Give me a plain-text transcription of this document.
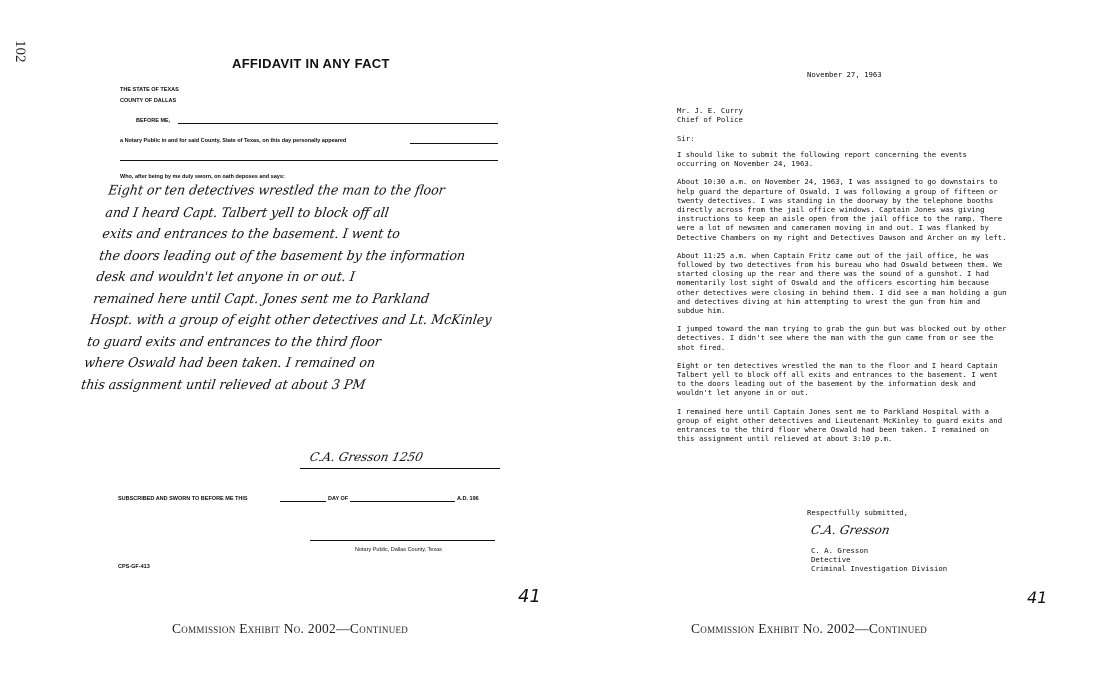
102
AFFIDAVIT IN ANY FACT
THE STATE OF TEXAS
COUNTY OF DALLAS
BEFORE ME,
a Notary Public in and for said County, State of Texas, on this day personally appeared
Who, after being by me duly sworn, on oath deposes and says:
Eight or ten detectives wrestled the man to the floor
and I heard Capt. Talbert yell to block off all
exits and entrances to the basement. I went to
the doors leading out of the basement by the information
desk and wouldn't let anyone in or out. I
remained here until Capt. Jones sent me to Parkland
Hospt. with a group of eight other detectives and Lt. McKinley
to guard exits and entrances to the third floor
where Oswald had been taken. I remained on
this assignment until relieved at about 3 PM
C.A. Gresson 1250
SUBSCRIBED AND SWORN TO BEFORE ME THIS	DAY OF	A.D. 196
Notary Public, Dallas County, Texas
CPS-GF-413
41
November 27, 1963
Mr. J. E. Curry
Chief of Police
Sir:

I should like to submit the following report concerning the events occurring on November 24, 1963.

About 10:30 a.m. on November 24, 1963, I was assigned to go downstairs to help guard the departure of Oswald. I was following a group of fifteen or twenty detectives. I was standing in the doorway by the telephone booths directly across from the jail office windows. Captain Jones was giving instructions to keep an aisle open from the jail office to the ramp. There were a lot of newsmen and cameramen moving in and out. I was flanked by Detective Chambers on my right and Detectives Dawson and Archer on my left.

About 11:25 a.m. when Captain Fritz came out of the jail office, he was followed by two detectives from his bureau who had Oswald between them. We started closing up the rear and there was the sound of a gunshot. I had momentarily lost sight of Oswald and the officers escorting him because other detectives were closing in behind them. I did see a man holding a gun and detectives diving at him attempting to wrest the gun from him and subdue him.

I jumped toward the man trying to grab the gun but was blocked out by other detectives. I didn't see where the man with the gun came from or see the shot fired.

Eight or ten detectives wrestled the man to the floor and I heard Captain Talbert yell to block off all exits and entrances to the basement. I went to the doors leading out of the basement by the information desk and wouldn't let anyone in or out.

I remained here until Captain Jones sent me to Parkland Hospital with a group of eight other detectives and Lieutenant McKinley to guard exits and entrances to the third floor where Oswald had been taken. I remained on this assignment until relieved at about 3:10 p.m.

Respectfully submitted,
C.A. Gresson
C. A. Gresson
Detective
Criminal Investigation Division
41
Commission Exhibit No. 2002—Continued	Commission Exhibit No. 2002—Continued
